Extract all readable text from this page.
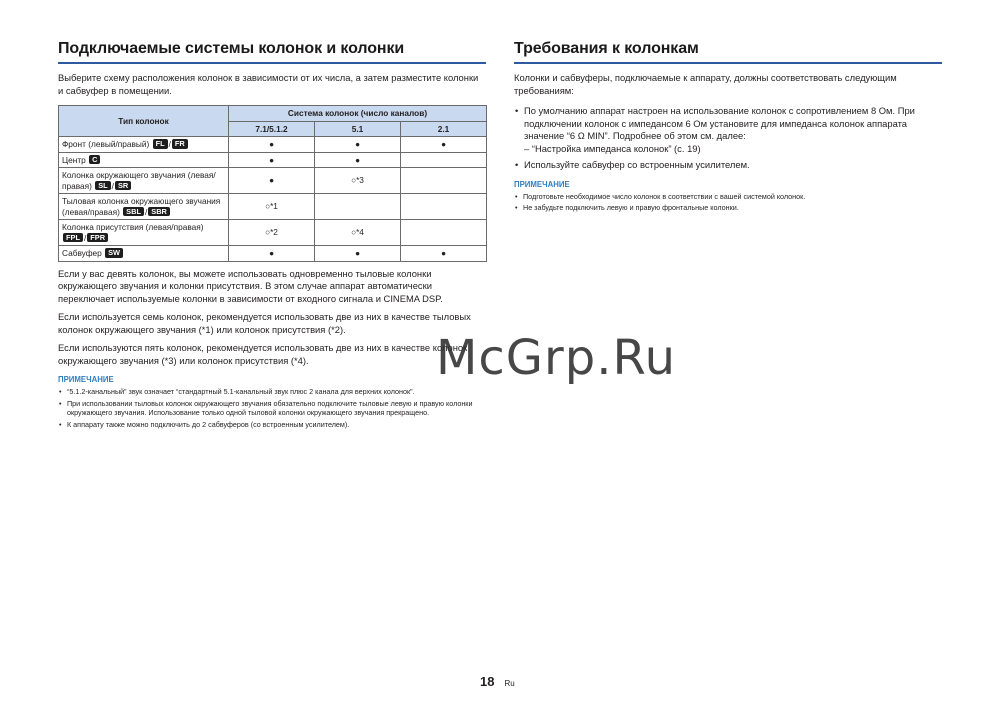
Подключаемые системы колонок и колонки

Выберите схему расположения колонок в зависимости от их числа, а затем разместите колонки и сабвуфер в помещении.

Тип колонок	Система колонок (число каналов)		
	7.1/5.1.2	5.1	2.1
Фронт (левый/правый) FL / FR	●	●	●
Центр C	●	●	
Колонка окружающего звучания (левая/правая) SL / SR	●	○*3	
Тыловая колонка окружающего звучания (левая/правая) SBL / SBR	○*1		
Колонка присутствия (левая/правая) FPL / FPR	○*2	○*4	
Сабвуфер SW	●	●	●

Если у вас девять колонок, вы можете использовать одновременно тыловые колонки окружающего звучания и колонки присутствия. В этом случае аппарат автоматически переключает используемые колонки в зависимости от входного сигнала и CINEMA DSP.

Если используется семь колонок, рекомендуется использовать две из них в качестве тыловых колонок окружающего звучания (*1) или колонок присутствия (*2).

Если используются пять колонок, рекомендуется использовать две из них в качестве колонок окружающего звучания (*3) или колонок присутствия (*4).

ПРИМЕЧАНИЕ
• “5.1.2-канальный” звук означает “стандартный 5.1-канальный звук плюс 2 канала для верхних колонок”.
• При использовании тыловых колонок окружающего звучания обязательно подключите тыловые левую и правую колонки окружающего звучания. Использование только одной тыловой колонки окружающего звучания прекращено.
• К аппарату также можно подключить до 2 сабвуферов (со встроенным усилителем).
Требования к колонкам

Колонки и сабвуферы, подключаемые к аппарату, должны соответствовать следующим требованиям:

• По умолчанию аппарат настроен на использование колонок с сопротивлением 8 Ом. При подключении колонок с импедансом 6 Ом установите для импеданса колонок аппарата значение “6 Ω MIN”. Подробнее об этом см. далее:
– “Настройка импеданса колонок” (c. 19)
• Используйте сабвуфер со встроенным усилителем.
ПРИМЕЧАНИЕ
• Подготовьте необходимое число колонок в соответствии с вашей системой колонок.
• Не забудьте подключить левую и правую фронтальные колонки.
McGrp.Ru
18 Ru
